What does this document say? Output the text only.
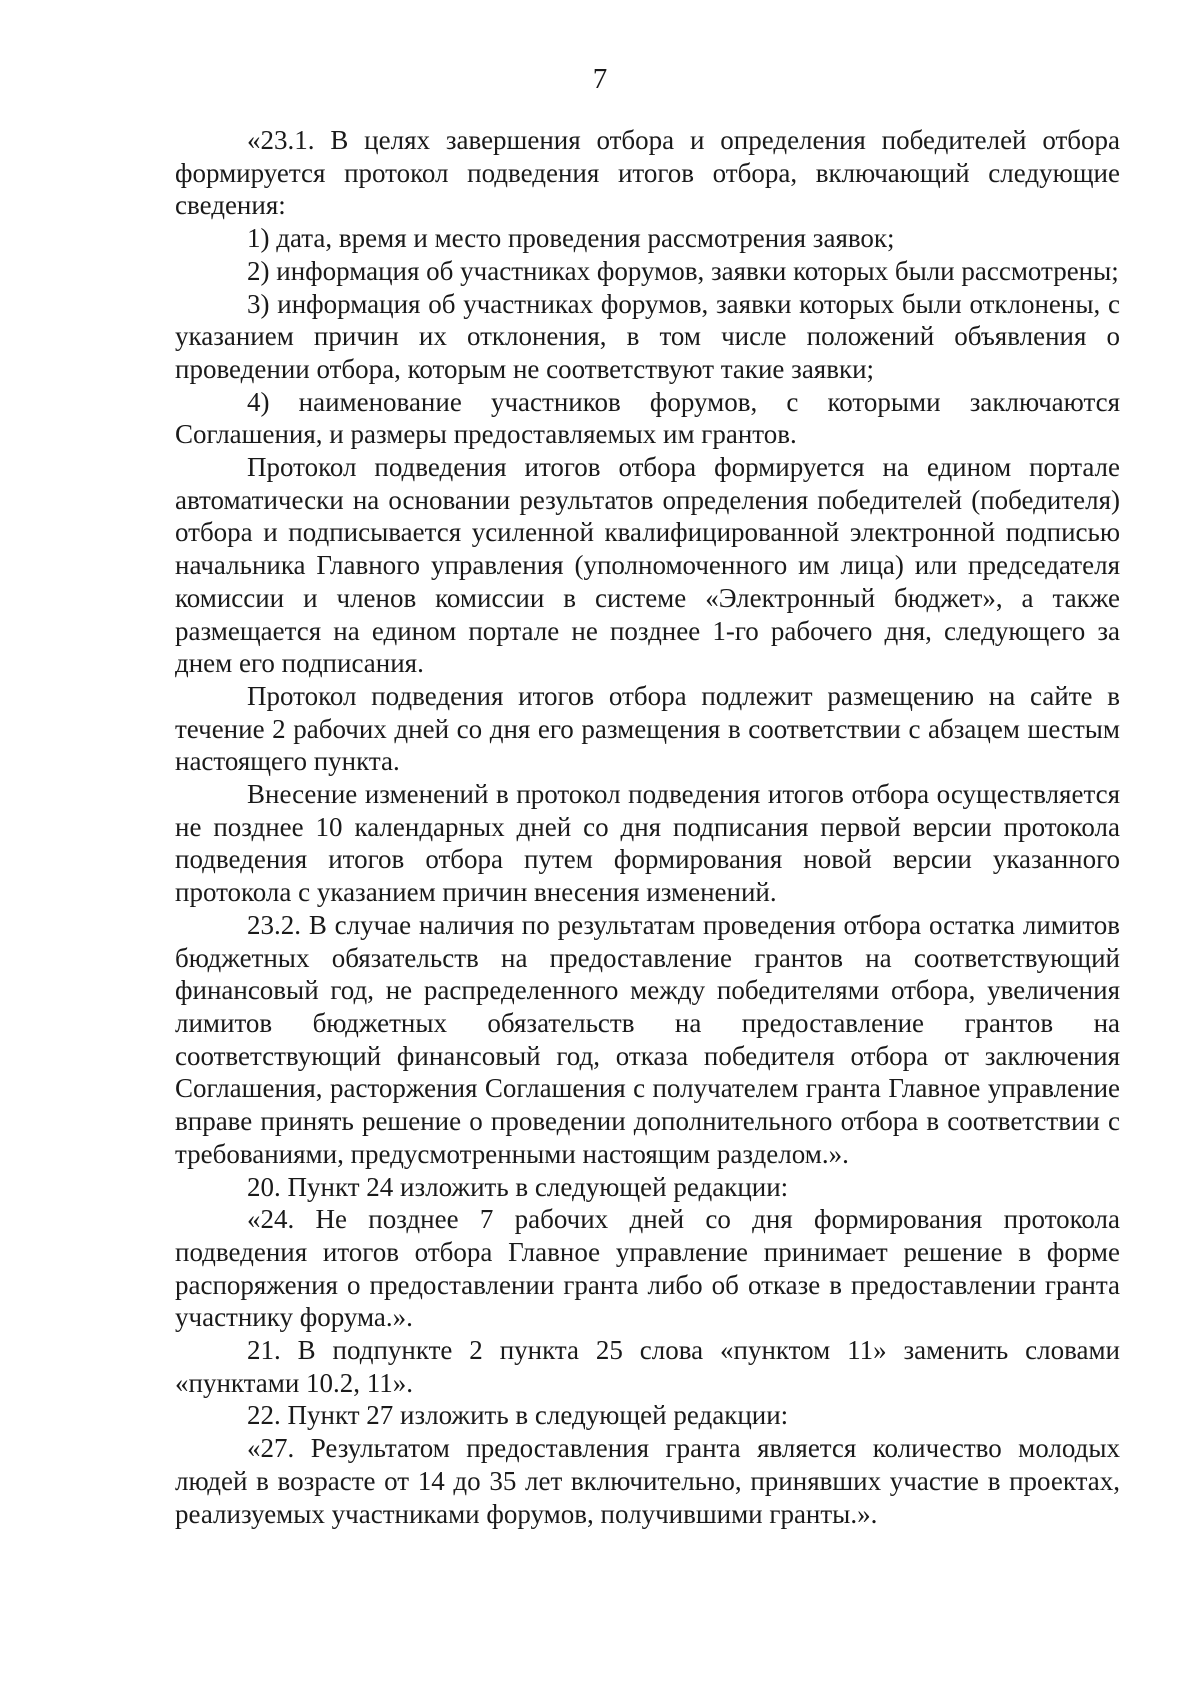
7

«23.1. В целях завершения отбора и определения победителей отбора формируется протокол подведения итогов отбора, включающий следующие сведения:

1) дата, время и место проведения рассмотрения заявок;

2) информация об участниках форумов, заявки которых были рассмотрены;

3) информация об участниках форумов, заявки которых были отклонены, с указанием причин их отклонения, в том числе положений объявления о проведении отбора, которым не соответствуют такие заявки;

4) наименование участников форумов, с которыми заключаются Соглашения, и размеры предоставляемых им грантов.

Протокол подведения итогов отбора формируется на едином портале автоматически на основании результатов определения победителей (победителя) отбора и подписывается усиленной квалифицированной электронной подписью начальника Главного управления (уполномоченного им лица) или председателя комиссии и членов комиссии в системе «Электронный бюджет», а также размещается на едином портале не позднее 1-го рабочего дня, следующего за днем его подписания.

Протокол подведения итогов отбора подлежит размещению на сайте в течение 2 рабочих дней со дня его размещения в соответствии с абзацем шестым настоящего пункта.

Внесение изменений в протокол подведения итогов отбора осуществляется не позднее 10 календарных дней со дня подписания первой версии протокола подведения итогов отбора путем формирования новой версии указанного протокола с указанием причин внесения изменений.

23.2. В случае наличия по результатам проведения отбора остатка лимитов бюджетных обязательств на предоставление грантов на соответствующий финансовый год, не распределенного между победителями отбора, увеличения лимитов бюджетных обязательств на предоставление грантов на соответствующий финансовый год, отказа победителя отбора от заключения Соглашения, расторжения Соглашения с получателем гранта Главное управление вправе принять решение о проведении дополнительного отбора в соответствии с требованиями, предусмотренными настоящим разделом.».

20. Пункт 24 изложить в следующей редакции:

«24. Не позднее 7 рабочих дней со дня формирования протокола подведения итогов отбора Главное управление принимает решение в форме распоряжения о предоставлении гранта либо об отказе в предоставлении гранта участнику форума.».

21. В подпункте 2 пункта 25 слова «пунктом 11» заменить словами «пунктами 10.2, 11».

22. Пункт 27 изложить в следующей редакции:

«27. Результатом предоставления гранта является количество молодых людей в возрасте от 14 до 35 лет включительно, принявших участие в проектах, реализуемых участниками форумов, получившими гранты.».
